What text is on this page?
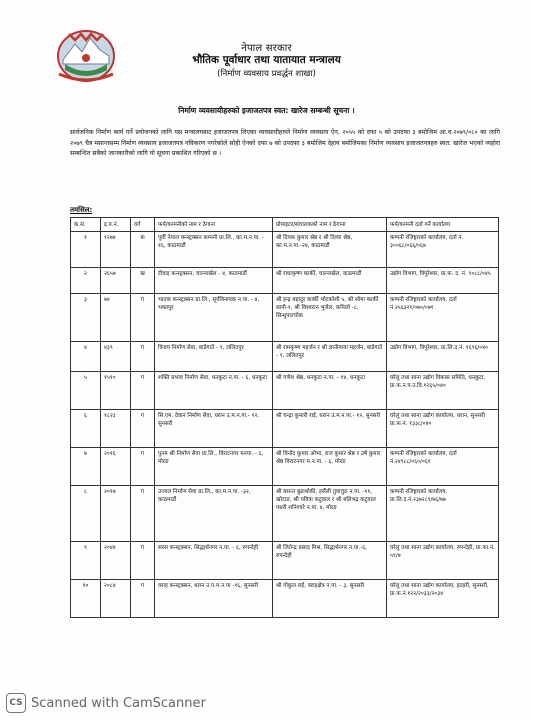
नेपाल सरकार
भौतिक पूर्वाधार तथा यातायात मन्त्रालय
(निर्माण व्यवसाय प्रवर्द्धन शाखा)
निर्माण व्यवसायीहरुको इजाजतपत्र स्वत: खारेज सम्बन्धी सूचना ।
सार्वजनिक निर्माण कार्य गर्ने प्रयोजनको लागि यस मन्त्रालयबाट इजाजतपत्र लिएका व्यवसायीहरुले निर्माण व्यवसाय ऐन, २०५५ को दफा ५ को उपदफा ३ बमोजिम आ.व.२०७९/०८० का लागि २०७९ चैत्र मसान्तसम्म निर्माण व्यवसाय इजाजतपत्र नविकरण नगरेकोले सोही ऐनको दफा ७ को उपदफा ३ बमोजिम देहाय बमोजिमका निर्माण व्यवसाय इजाजतपत्रहरु स्वत: खारेज भएको व्यहोरा सम्बन्धित सबैको जानकारीको लागि यो सूचना प्रकाशित गरिएको छ ।
तमसिल:
क.सं.	इ.प.नं.	वर्ग	फर्म/कम्पनीको नाम र ठेगाना	प्रोपाइटर/संचालकको नाम र ठेगाना	फर्म/कम्पनी दर्ता गर्ने कार्यालय
१	१२७४	क	पूर्वी नेपाल कन्स्ट्रक्सन कम्पनी प्रा.लि., का.म.न.पा. - १६, काठमाडौं	श्री दिपक कुमार श्रेष्ठ र श्री दिव्या श्रेष्ठ, का.म.न.पा.-२४, काठमाडौं	कम्पनी रजिष्ट्रारको कार्यालय, दर्ता नं. ३००६८/०६६/०६७
२	२६५७	ख	टीवाइ कन्स्ट्रक्सन, चाल्नाखेल - ४, काठमाडौं	श्री राधाकृष्ण कार्की, चाल्नाखेल, काठमाडौं	उद्योग विभाग, त्रिपुरेश्वर, प्रा.फ. द. नं. ९०८८/०४५
३	७४	ग	भातक कन्स्ट्रक्सन प्रा.लि., सूर्यविनायक न.पा. - ४, भक्तपुर	श्री इन्द्र बहादुर कार्की भोटकोशी ५, श्री सोमा कार्की सापी-१, श्री विश्वरत्न भुजेल, कपिलो -८, सिन्धुपाल्चोक	कम्पनी रजिष्ट्रारको कार्यालय, दर्ता नं.२५६३२९/०७०/०७१
४	४३९	ग	विजय निर्माण सेवा, बाडेगाउँ - ९, ललितपुर	श्री रामकृष्ण महर्जन र श्री ज्ञानीमाया महर्जन, बाडेगाउँ - ९, ललितपुर	उद्योग विभाग, त्रिपुरेश्वर, प्रा.लि.द.नं. १६९६/०४०
५	१५१०	ग	शक्ति प्रभाव निर्माण सेवा, धनकुटा न.पा. - ६, धनकुटा	श्री गणेश श्रेष्ठ, धनकुटा न.पा. - १४, धनकुटा	घरेलु तथा साना उद्योग विकास समिति, धनकुटा, प्रा.फ.न.प.उ.वि.१२६५/०४०
६	१८२३	ग	सि.एम. देवान निर्माण सेवा, धरान उ.म.न.पा.- १२, सुनसरी	श्री चन्द्रा कुमारी राई, धरान उ.म.न.पा.- १२, सुनसरी	घरेलु तथा साना उद्योग कार्यालय, धरान, सुनसरी प्रा.फ.नं. १३३८/०४०
७	२०१६	ग	पुनम श्री निर्माण सेवा प्रा.लि., विराटनगर मनपा. - ६, मोरङ	श्री विनोद कुमार ओभा, राज कुमार श्रेष्ठ र उषे कुमार श्रेष्ठ विराटनगर म.न.पा. - ६, मोरङ	कम्पनी रजिष्ट्रारको कार्यालय, दर्ता नं.२४९८८/०६०/०६१
८	२०१७	ग	उज्वल निर्माण सेवा प्रा.लि., का.म.न.पा. -३२, काठमाडौं	श्री बसन्त बुढाथोकी, हर्सेली तुवाचुङ न.पा. -११, खोटाङ, श्री पवित्रा कटुवाल र श्री बलिभद्र कटुवाल पथरी शनिश्चरे न.पा. ४, मोरङ	कम्पनी रजिष्ट्रारको कार्यालय, प्रा.लि.द.नं.२३७२८९/७६/७७
९	२०४४	ग	सरस कन्स्ट्रक्सन, सिद्धार्थनगर न.पा. - ६, रुपन्देही	श्री जितेन्द्र प्रसाद मिश्र, सिद्धार्थनगर.न.पा.-६, रुपन्देही	घरेलु तथा साना उद्योग कार्यालय, रुपन्देही, प्रा.फा.नं. ५९/७
१०	२०८४	ग	वराह कन्स्ट्रक्सन, धरान उ.प.म.न.पा -१६, सुनसरी	श्री गोकुल राई, वराहक्षेत्र न.पा. - ३, सुनसरी	घरेलु तथा साना उद्योग कार्यालय, इटहरी, सुनसरी, प्रा.फ.नं.१२२/२०३३/२०३४
CS Scanned with CamScanner
